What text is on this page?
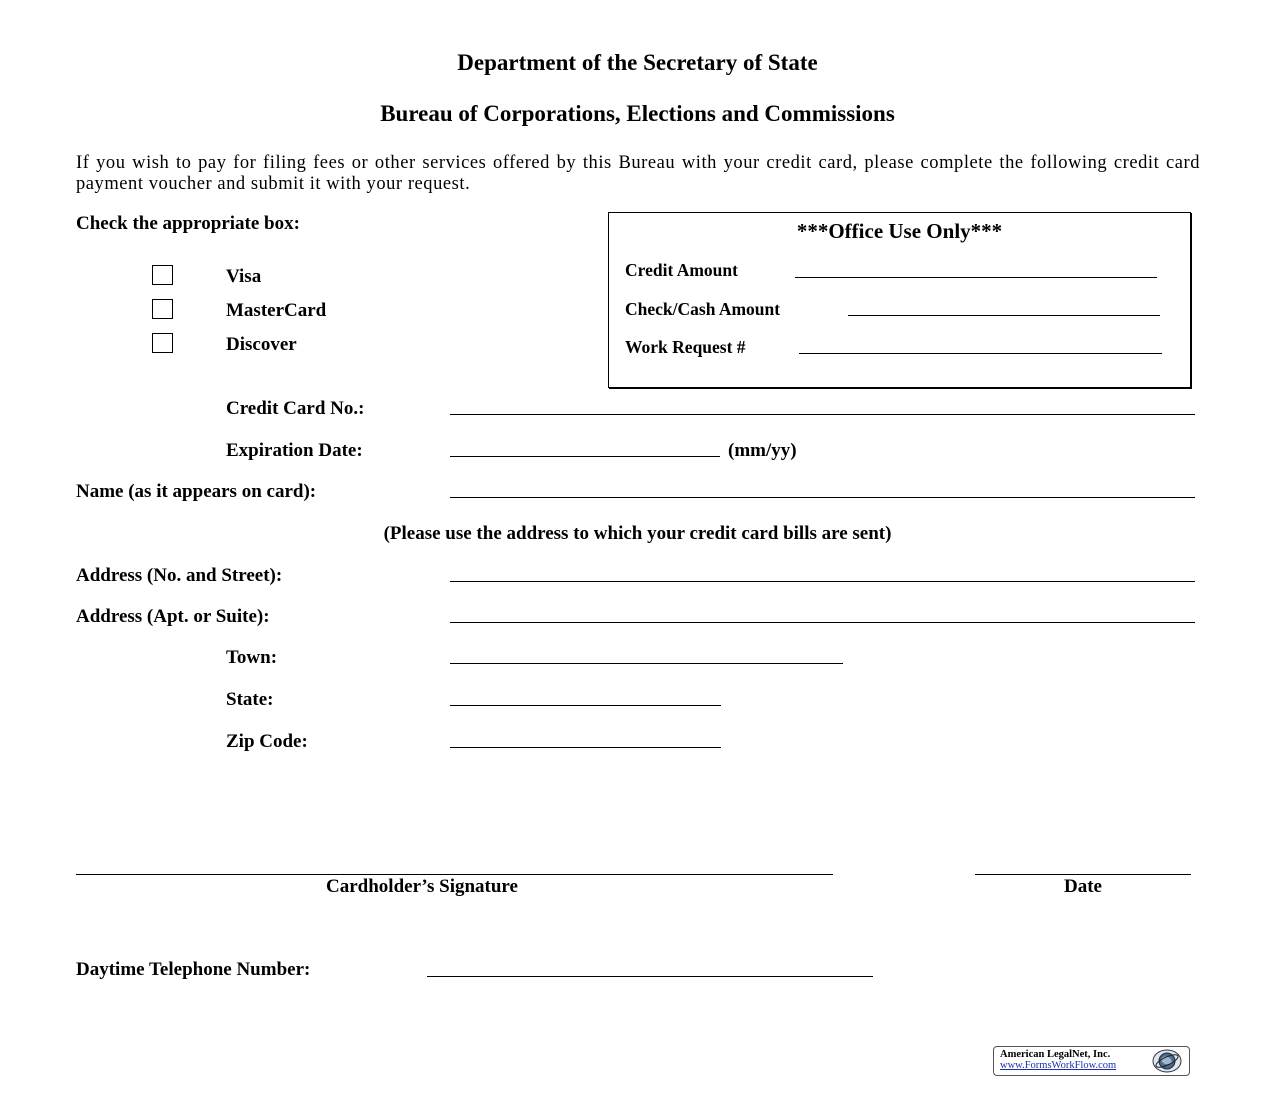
Department of the Secretary of State
Bureau of Corporations, Elections and Commissions
If you wish to pay for filing fees or other services offered by this Bureau with your credit card, please complete the following credit card payment voucher and submit it with your request.
Check the appropriate box:
Visa
MasterCard
Discover
***Office Use Only***
Credit Amount
Check/Cash Amount
Work Request #
Credit Card No.:
Expiration Date:	(mm/yy)
Name (as it appears on card):
(Please use the address to which your credit card bills are sent)
Address (No. and Street):
Address (Apt. or Suite):
Town:
State:
Zip Code:
Cardholder’s Signature	Date
Daytime Telephone Number:
American LegalNet, Inc.
www.FormsWorkFlow.com
